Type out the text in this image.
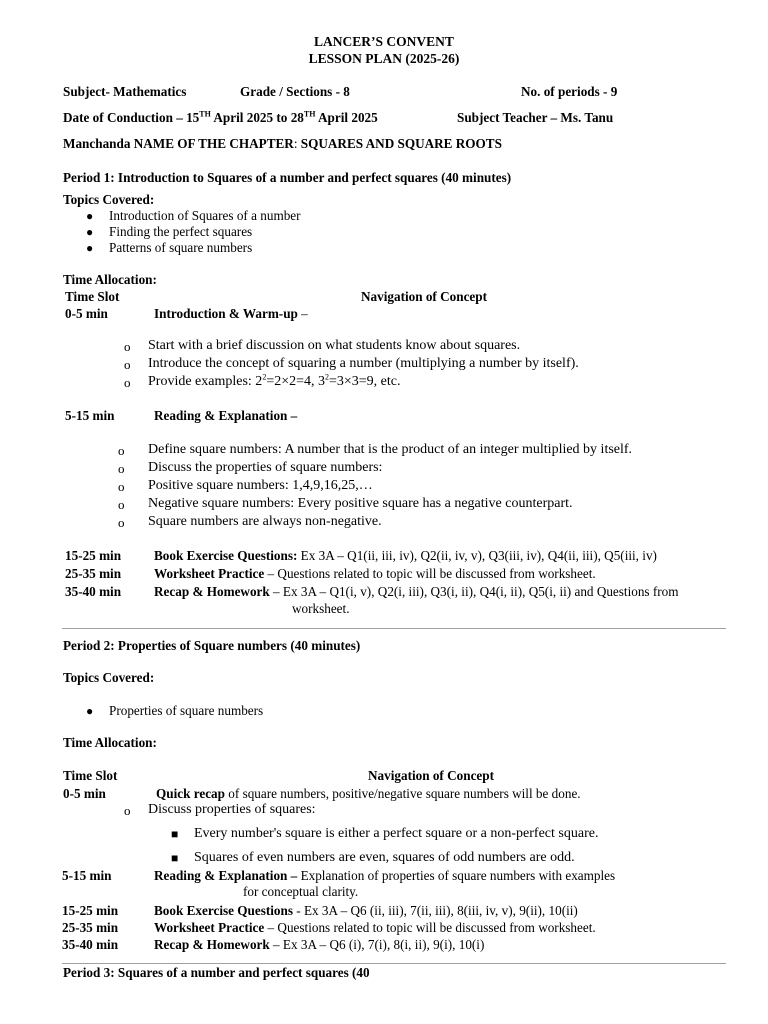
LANCER’S CONVENT
LESSON PLAN (2025-26)
Subject- Mathematics	Grade / Sections - 8	No. of periods - 9
Date of Conduction – 15TH April 2025 to 28TH April 2025	Subject Teacher – Ms. Tanu
Manchanda NAME OF THE CHAPTER: SQUARES AND SQUARE ROOTS
Period 1: Introduction to Squares of a number and perfect squares (40 minutes)
Topics Covered:
● Introduction of Squares of a number
● Finding the perfect squares
● Patterns of square numbers
Time Allocation:
Time Slot	Navigation of Concept
0-5 min	Introduction & Warm-up –
o Start with a brief discussion on what students know about squares.
o Introduce the concept of squaring a number (multiplying a number by itself).
o Provide examples: $2^2=2\times 2=4$, $3^2=3\times 3=9$, etc.
5-15 min	Reading & Explanation –
o Define square numbers: A number that is the product of an integer multiplied by itself.
o Discuss the properties of square numbers:
o Positive square numbers: 1,4,9,16,25,…
o Negative square numbers: Every positive square has a negative counterpart.
o Square numbers are always non-negative.
15-25 min Book Exercise Questions: Ex 3A – Q1(ii, iii, iv), Q2(ii, iv, v), Q3(iii, iv), Q4(ii, iii), Q5(iii, iv)
25-35 min Worksheet Practice – Questions related to topic will be discussed from worksheet.
35-40 min Recap & Homework – Ex 3A – Q1(i, v), Q2(i, iii), Q3(i, ii), Q4(i, ii), Q5(i, ii) and Questions from
worksheet.
Period 2: Properties of Square numbers (40 minutes)
Topics Covered:
● Properties of square numbers
Time Allocation:
Time Slot	Navigation of Concept
0-5 min	Quick recap of square numbers, positive/negative square numbers will be done.
o Discuss properties of squares:
■ Every number's square is either a perfect square or a non-perfect square.
■ Squares of even numbers are even, squares of odd numbers are odd.
5-15 min	Reading & Explanation – Explanation of properties of square numbers with examples
for conceptual clarity.
15-25 min	Book Exercise Questions - Ex 3A – Q6 (ii, iii), 7(ii, iii), 8(iii, iv, v), 9(ii), 10(ii)
25-35 min	Worksheet Practice – Questions related to topic will be discussed from worksheet.
35-40 min	Recap & Homework – Ex 3A – Q6 (i), 7(i), 8(i, ii), 9(i), 10(i)
Period 3: Squares of a number and perfect squares (40
